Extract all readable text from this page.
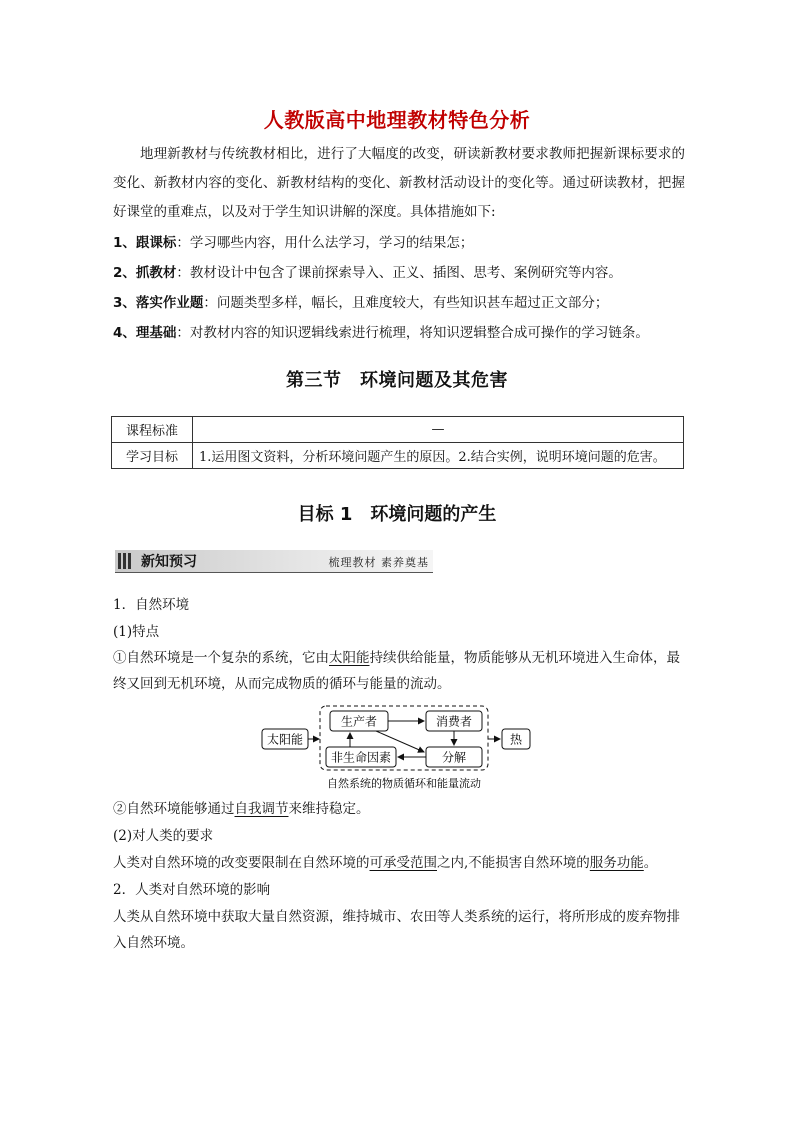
人教版高中地理教材特色分析

地理新教材与传统教材相比，进行了大幅度的改变，研读新教材要求教师把握新课标要求的变化、新教材内容的变化、新教材结构的变化、新教材活动设计的变化等。通过研读教材，把握好课堂的重难点，以及对于学生知识讲解的深度。具体措施如下:

1、跟课标：学习哪些内容，用什么法学习，学习的结果怎；
2、抓教材：教材设计中包含了课前探索导入、正义、插图、思考、案例研究等内容。
3、落实作业题：问题类型多样，幅长，且难度较大，有些知识甚车超过正文部分；
4、理基础：对教材内容的知识逻辑线索进行梳理，将知识逻辑整合成可操作的学习链条。
第三节　环境问题及其危害
课程标准	—
学习目标	1.运用图文资料，分析环境问题产生的原因。2.结合实例，说明环境问题的危害。
目标 1　环境问题的产生
新知预习	梳理教材 素养奠基
1．自然环境
(1)特点

①自然环境是一个复杂的系统，它由太阳能持续供给能量，物质能够从无机环境进入生命体，最终又回到无机环境，从而完成物质的循环与能量的流动。

太阳能
生产者	消费者
非生命因素	分解
热
自然系统的物质循环和能量流动

②自然环境能够通过自我调节来维持稳定。

(2)对人类的要求

人类对自然环境的改变要限制在自然环境的可承受范围之内,不能损害自然环境的服务功能。

2．人类对自然环境的影响

人类从自然环境中获取大量自然资源，维持城市、农田等人类系统的运行，将所形成的废弃物排入自然环境。
